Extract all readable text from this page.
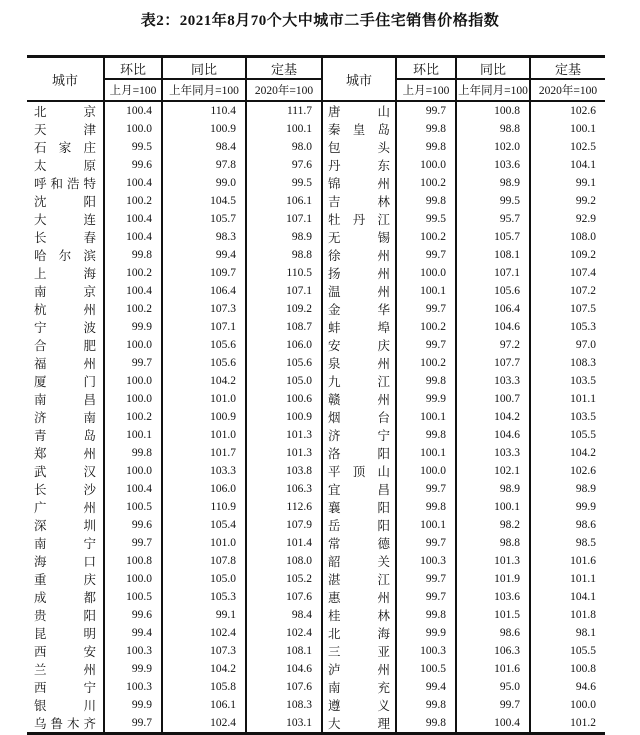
表2：2021年8月70个大中城市二手住宅销售价格指数
城市	环比	同比	定基	城市	环比	同比	定基
	上月=100	上年同月=100	2020年=100		上月=100	上年同月=100	2020年=100
北京	100.4	110.4	111.7	唐山	99.7	100.8	102.6
天津	100.0	100.9	100.1	秦皇岛	99.8	98.8	100.1
石家庄	99.5	98.4	98.0	包头	99.8	102.0	102.5
太原	99.6	97.8	97.6	丹东	100.0	103.6	104.1
呼和浩特	100.4	99.0	99.5	锦州	100.2	98.9	99.1
沈阳	100.2	104.5	106.1	吉林	99.8	99.5	99.2
大连	100.4	105.7	107.1	牡丹江	99.5	95.7	92.9
长春	100.4	98.3	98.9	无锡	100.2	105.7	108.0
哈尔滨	99.8	99.4	98.8	徐州	99.7	108.1	109.2
上海	100.2	109.7	110.5	扬州	100.0	107.1	107.4
南京	100.4	106.4	107.1	温州	100.1	105.6	107.2
杭州	100.2	107.3	109.2	金华	99.7	106.4	107.5
宁波	99.9	107.1	108.7	蚌埠	100.2	104.6	105.3
合肥	100.0	105.6	106.0	安庆	99.7	97.2	97.0
福州	99.7	105.6	105.6	泉州	100.2	107.7	108.3
厦门	100.0	104.2	105.0	九江	99.8	103.3	103.5
南昌	100.0	101.0	100.6	赣州	99.9	100.7	101.1
济南	100.2	100.9	100.9	烟台	100.1	104.2	103.5
青岛	100.1	101.0	101.3	济宁	99.8	104.6	105.5
郑州	99.8	101.7	101.3	洛阳	100.1	103.3	104.2
武汉	100.0	103.3	103.8	平顶山	100.0	102.1	102.6
长沙	100.4	106.0	106.3	宜昌	99.7	98.9	98.9
广州	100.5	110.9	112.6	襄阳	99.8	100.1	99.9
深圳	99.6	105.4	107.9	岳阳	100.1	98.2	98.6
南宁	99.7	101.0	101.4	常德	99.7	98.8	98.5
海口	100.8	107.8	108.0	韶关	100.3	101.3	101.6
重庆	100.0	105.0	105.2	湛江	99.7	101.9	101.1
成都	100.5	105.3	107.6	惠州	99.7	103.6	104.1
贵阳	99.6	99.1	98.4	桂林	99.8	101.5	101.8
昆明	99.4	102.4	102.4	北海	99.9	98.6	98.1
西安	100.3	107.3	108.1	三亚	100.3	106.3	105.5
兰州	99.9	104.2	104.6	泸州	100.5	101.6	100.8
西宁	100.3	105.8	107.6	南充	99.4	95.0	94.6
银川	99.9	106.1	108.3	遵义	99.8	99.7	100.0
乌鲁木齐	99.7	102.4	103.1	大理	99.8	100.4	101.2
